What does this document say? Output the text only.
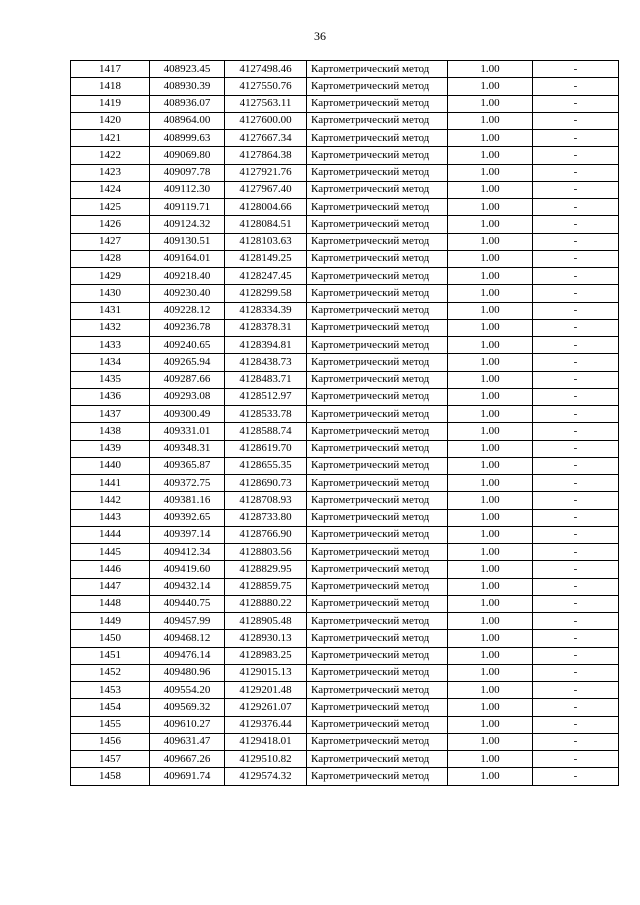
36
1417	408923.45	4127498.46	Картометрический метод	1.00	-
1418	408930.39	4127550.76	Картометрический метод	1.00	-
1419	408936.07	4127563.11	Картометрический метод	1.00	-
1420	408964.00	4127600.00	Картометрический метод	1.00	-
1421	408999.63	4127667.34	Картометрический метод	1.00	-
1422	409069.80	4127864.38	Картометрический метод	1.00	-
1423	409097.78	4127921.76	Картометрический метод	1.00	-
1424	409112.30	4127967.40	Картометрический метод	1.00	-
1425	409119.71	4128004.66	Картометрический метод	1.00	-
1426	409124.32	4128084.51	Картометрический метод	1.00	-
1427	409130.51	4128103.63	Картометрический метод	1.00	-
1428	409164.01	4128149.25	Картометрический метод	1.00	-
1429	409218.40	4128247.45	Картометрический метод	1.00	-
1430	409230.40	4128299.58	Картометрический метод	1.00	-
1431	409228.12	4128334.39	Картометрический метод	1.00	-
1432	409236.78	4128378.31	Картометрический метод	1.00	-
1433	409240.65	4128394.81	Картометрический метод	1.00	-
1434	409265.94	4128438.73	Картометрический метод	1.00	-
1435	409287.66	4128483.71	Картометрический метод	1.00	-
1436	409293.08	4128512.97	Картометрический метод	1.00	-
1437	409300.49	4128533.78	Картометрический метод	1.00	-
1438	409331.01	4128588.74	Картометрический метод	1.00	-
1439	409348.31	4128619.70	Картометрический метод	1.00	-
1440	409365.87	4128655.35	Картометрический метод	1.00	-
1441	409372.75	4128690.73	Картометрический метод	1.00	-
1442	409381.16	4128708.93	Картометрический метод	1.00	-
1443	409392.65	4128733.80	Картометрический метод	1.00	-
1444	409397.14	4128766.90	Картометрический метод	1.00	-
1445	409412.34	4128803.56	Картометрический метод	1.00	-
1446	409419.60	4128829.95	Картометрический метод	1.00	-
1447	409432.14	4128859.75	Картометрический метод	1.00	-
1448	409440.75	4128880.22	Картометрический метод	1.00	-
1449	409457.99	4128905.48	Картометрический метод	1.00	-
1450	409468.12	4128930.13	Картометрический метод	1.00	-
1451	409476.14	4128983.25	Картометрический метод	1.00	-
1452	409480.96	4129015.13	Картометрический метод	1.00	-
1453	409554.20	4129201.48	Картометрический метод	1.00	-
1454	409569.32	4129261.07	Картометрический метод	1.00	-
1455	409610.27	4129376.44	Картометрический метод	1.00	-
1456	409631.47	4129418.01	Картометрический метод	1.00	-
1457	409667.26	4129510.82	Картометрический метод	1.00	-
1458	409691.74	4129574.32	Картометрический метод	1.00	-
